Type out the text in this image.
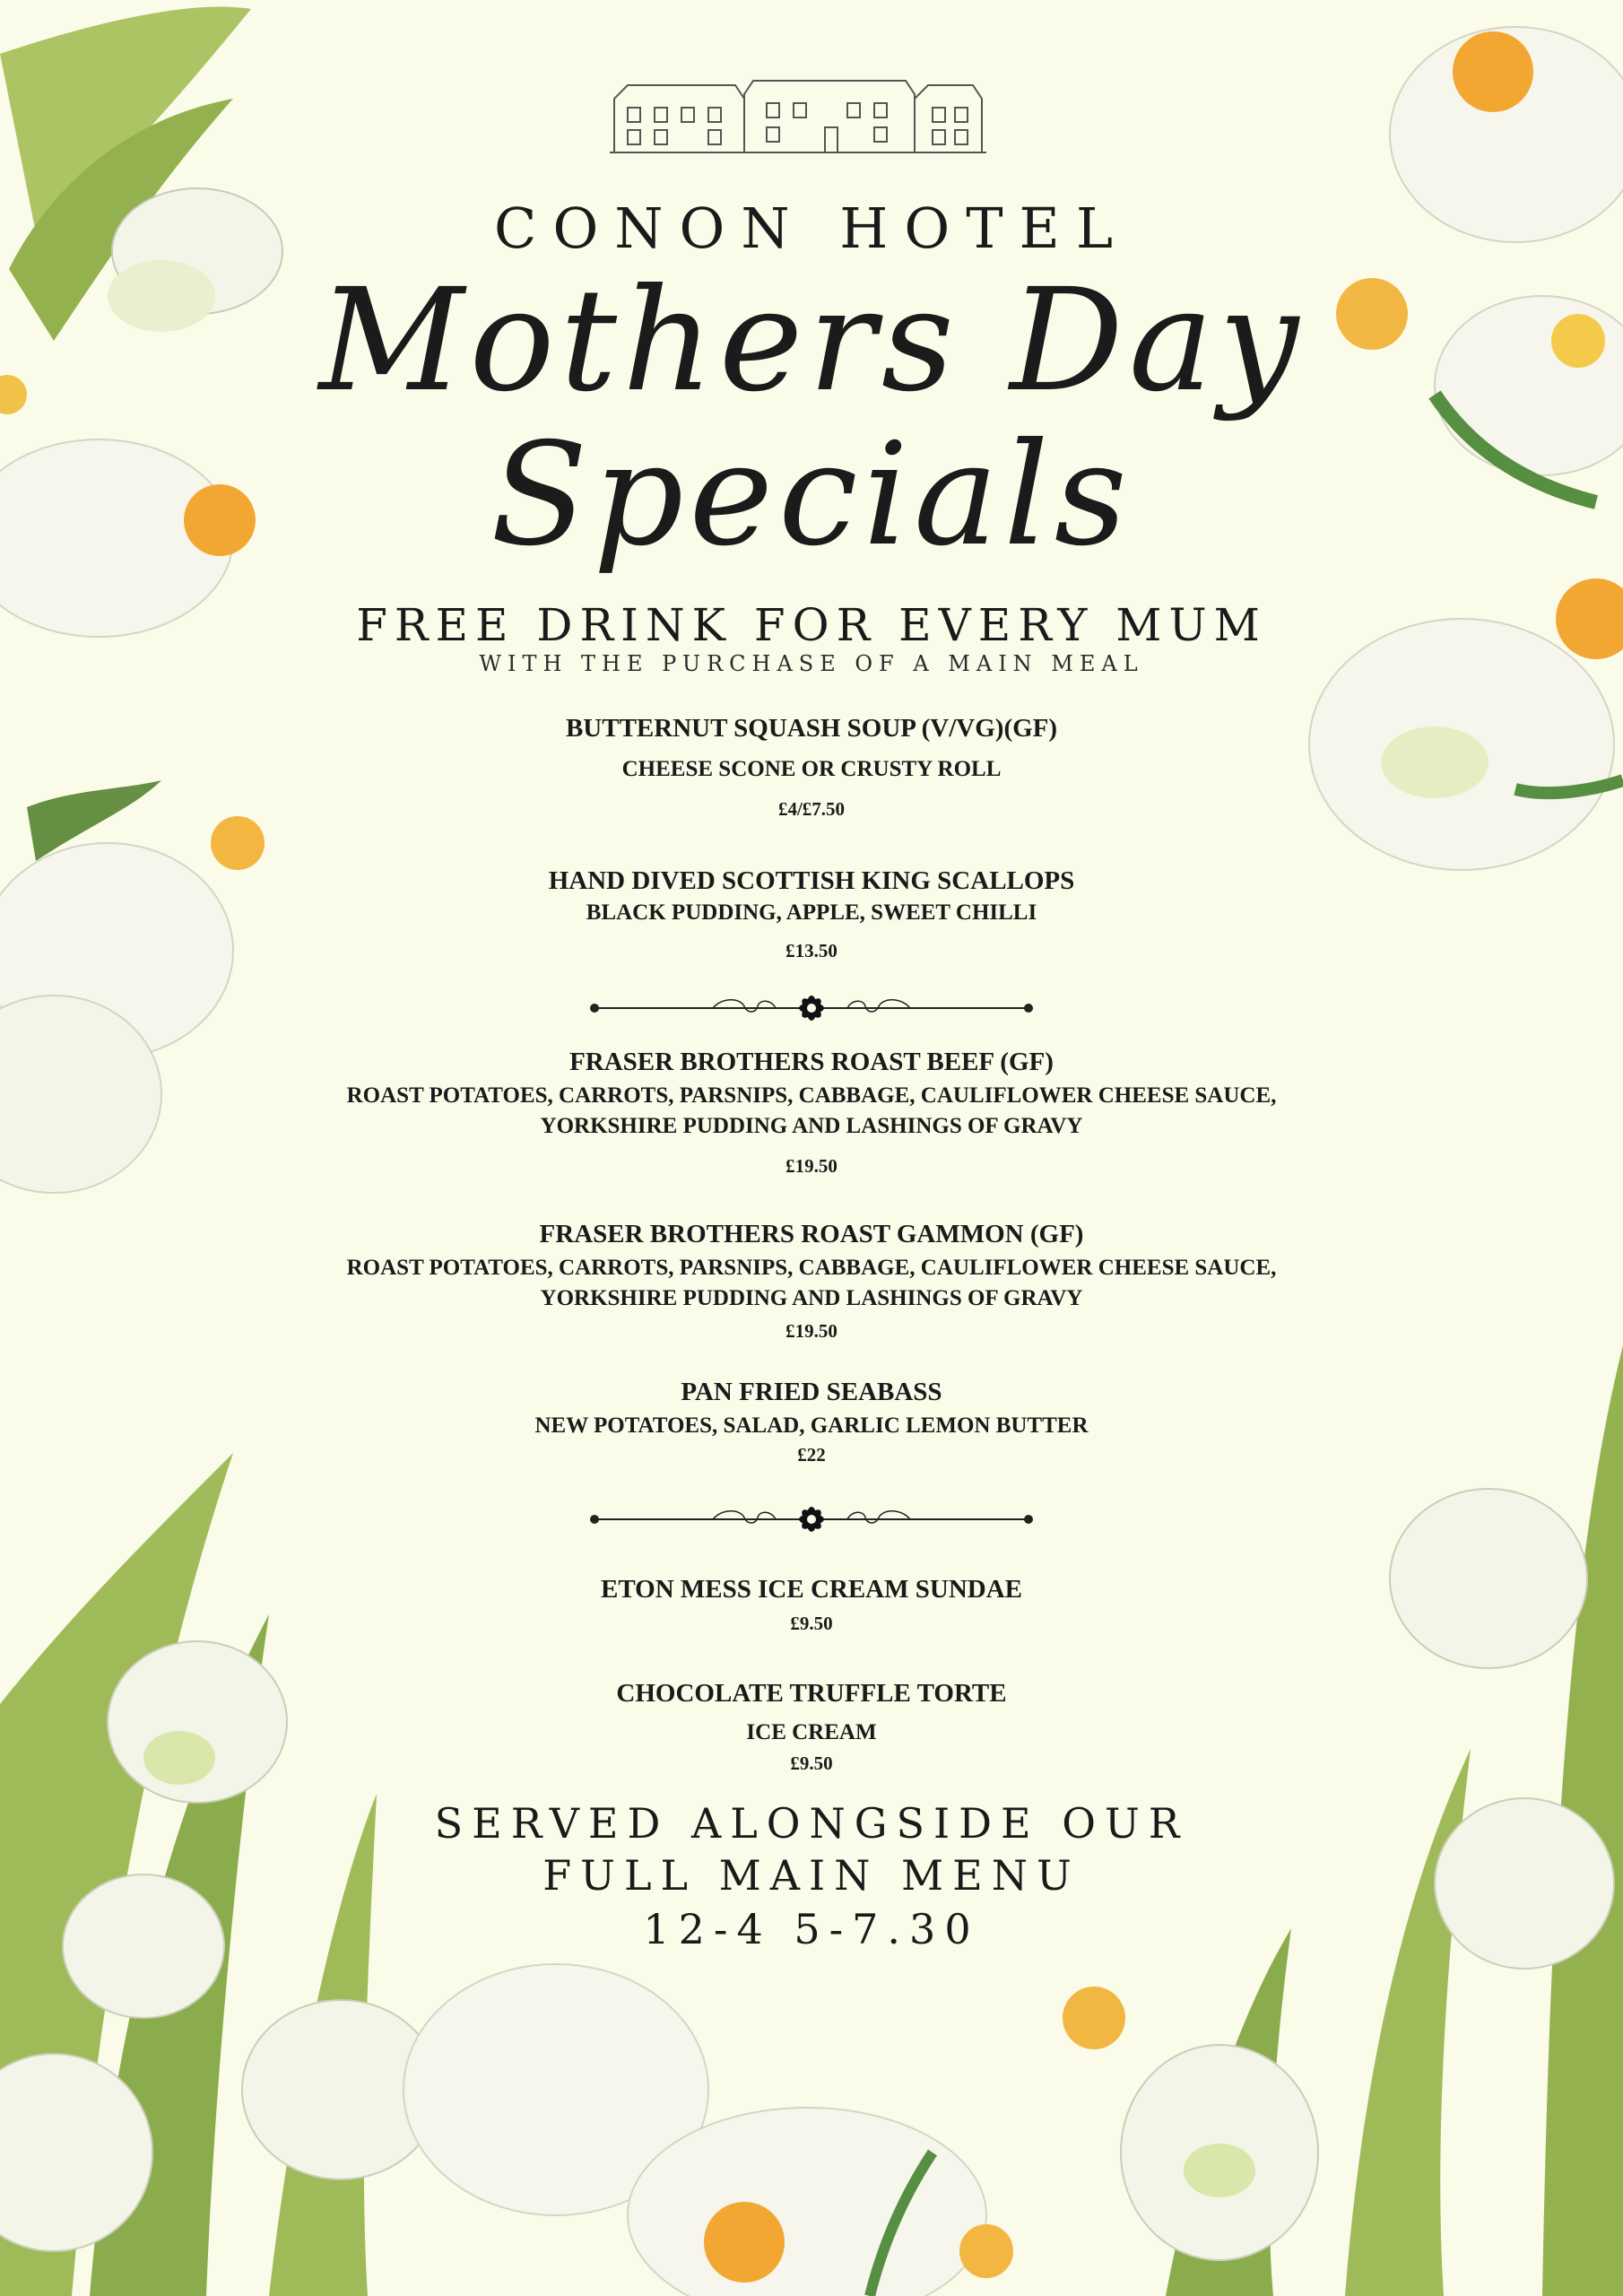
CONON HOTEL
Mothers Day
Specials
FREE DRINK FOR EVERY MUM
WITH THE PURCHASE OF A MAIN MEAL
BUTTERNUT SQUASH SOUP (V/VG)(GF)
CHEESE SCONE OR CRUSTY ROLL
£4/£7.50
HAND DIVED SCOTTISH KING SCALLOPS
BLACK PUDDING, APPLE, SWEET CHILLI
£13.50
FRASER BROTHERS ROAST BEEF (GF)
ROAST POTATOES, CARROTS, PARSNIPS, CABBAGE, CAULIFLOWER CHEESE SAUCE,
YORKSHIRE PUDDING AND LASHINGS OF GRAVY
£19.50
FRASER BROTHERS ROAST GAMMON (GF)
ROAST POTATOES, CARROTS, PARSNIPS, CABBAGE, CAULIFLOWER CHEESE SAUCE,
YORKSHIRE PUDDING AND LASHINGS OF GRAVY
£19.50
PAN FRIED SEABASS
NEW POTATOES, SALAD, GARLIC LEMON BUTTER
£22
ETON MESS ICE CREAM SUNDAE
£9.50
CHOCOLATE TRUFFLE TORTE
ICE CREAM
£9.50
SERVED ALONGSIDE OUR
FULL MAIN MENU
12-4 5-7.30
